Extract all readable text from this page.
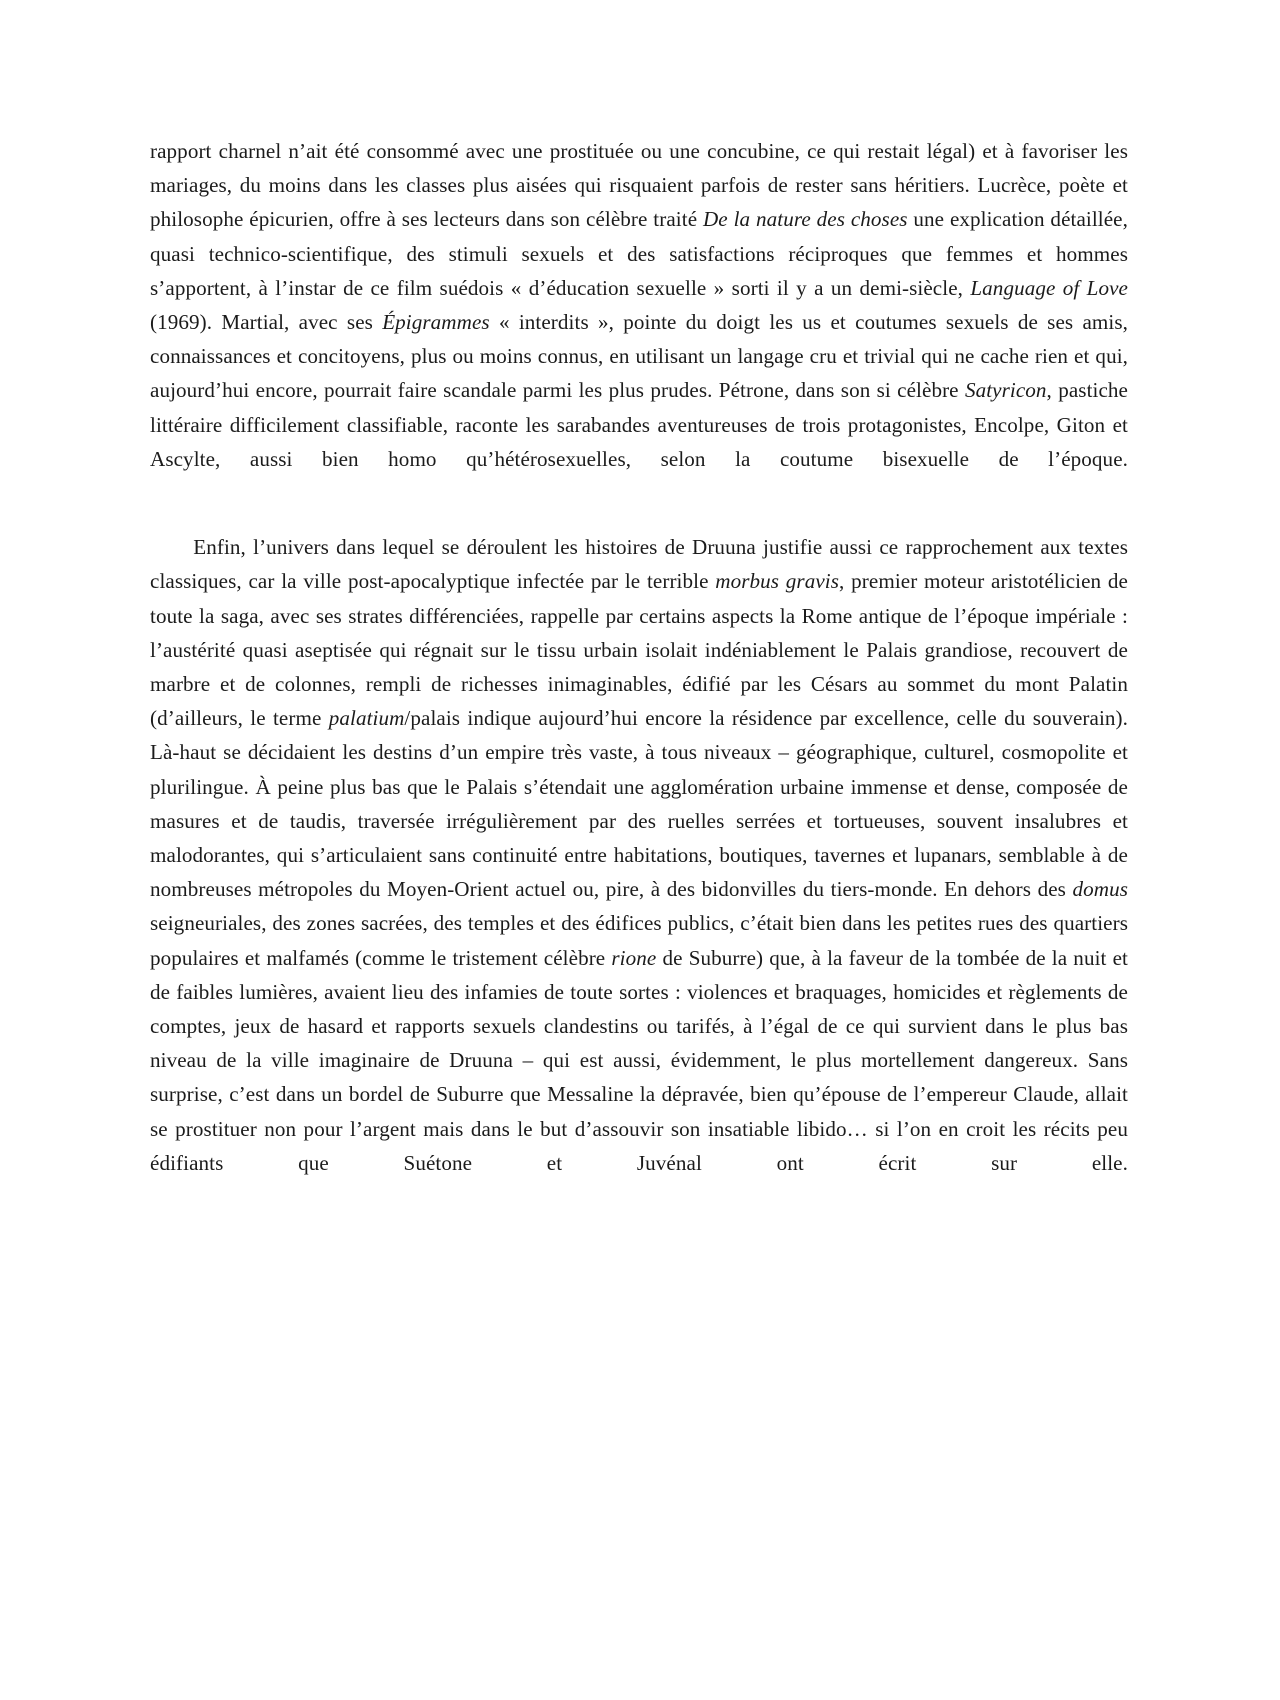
rapport charnel n’ait été consommé avec une prostituée ou une concubine, ce qui restait légal) et à favoriser les mariages, du moins dans les classes plus aisées qui risquaient parfois de rester sans héritiers. Lucrèce, poète et philosophe épicurien, offre à ses lecteurs dans son célèbre traité De la nature des choses une explication détaillée, quasi technico-scientifique, des stimuli sexuels et des satisfactions réciproques que femmes et hommes s’apportent, à l’instar de ce film suédois « d’éducation sexuelle » sorti il y a un demi-siècle, Language of Love (1969). Martial, avec ses Épigrammes « interdits », pointe du doigt les us et coutumes sexuels de ses amis, connaissances et concitoyens, plus ou moins connus, en utilisant un langage cru et trivial qui ne cache rien et qui, aujourd’hui encore, pourrait faire scandale parmi les plus prudes. Pétrone, dans son si célèbre Satyricon, pastiche littéraire difficilement classifiable, raconte les sarabandes aventureuses de trois protagonistes, Encolpe, Giton et Ascylte, aussi bien homo qu’hétérosexuelles, selon la coutume bisexuelle de l’époque.

Enfin, l’univers dans lequel se déroulent les histoires de Druuna justifie aussi ce rapprochement aux textes classiques, car la ville post-apocalyptique infectée par le terrible morbus gravis, premier moteur aristotélicien de toute la saga, avec ses strates différenciées, rappelle par certains aspects la Rome antique de l’époque impériale : l’austérité quasi aseptisée qui régnait sur le tissu urbain isolait indéniablement le Palais grandiose, recouvert de marbre et de colonnes, rempli de richesses inimaginables, édifié par les Césars au sommet du mont Palatin (d’ailleurs, le terme palatium/palais indique aujourd’hui encore la résidence par excellence, celle du souverain). Là-haut se décidaient les destins d’un empire très vaste, à tous niveaux – géographique, culturel, cosmopolite et plurilingue. À peine plus bas que le Palais s’étendait une agglomération urbaine immense et dense, composée de masures et de taudis, traversée irrégulièrement par des ruelles serrées et tortueuses, souvent insalubres et malodorantes, qui s’articulaient sans continuité entre habitations, boutiques, tavernes et lupanars, semblable à de nombreuses métropoles du Moyen-Orient actuel ou, pire, à des bidonvilles du tiers-monde. En dehors des domus seigneuriales, des zones sacrées, des temples et des édifices publics, c’était bien dans les petites rues des quartiers populaires et malfamés (comme le tristement célèbre rione de Suburre) que, à la faveur de la tombée de la nuit et de faibles lumières, avaient lieu des infamies de toute sortes : violences et braquages, homicides et règlements de comptes, jeux de hasard et rapports sexuels clandestins ou tarifés, à l’égal de ce qui survient dans le plus bas niveau de la ville imaginaire de Druuna – qui est aussi, évidemment, le plus mortellement dangereux. Sans surprise, c’est dans un bordel de Suburre que Messaline la dépravée, bien qu’épouse de l’empereur Claude, allait se prostituer non pour l’argent mais dans le but d’assouvir son insatiable libido… si l’on en croit les récits peu édifiants que Suétone et Juvénal ont écrit sur elle.
